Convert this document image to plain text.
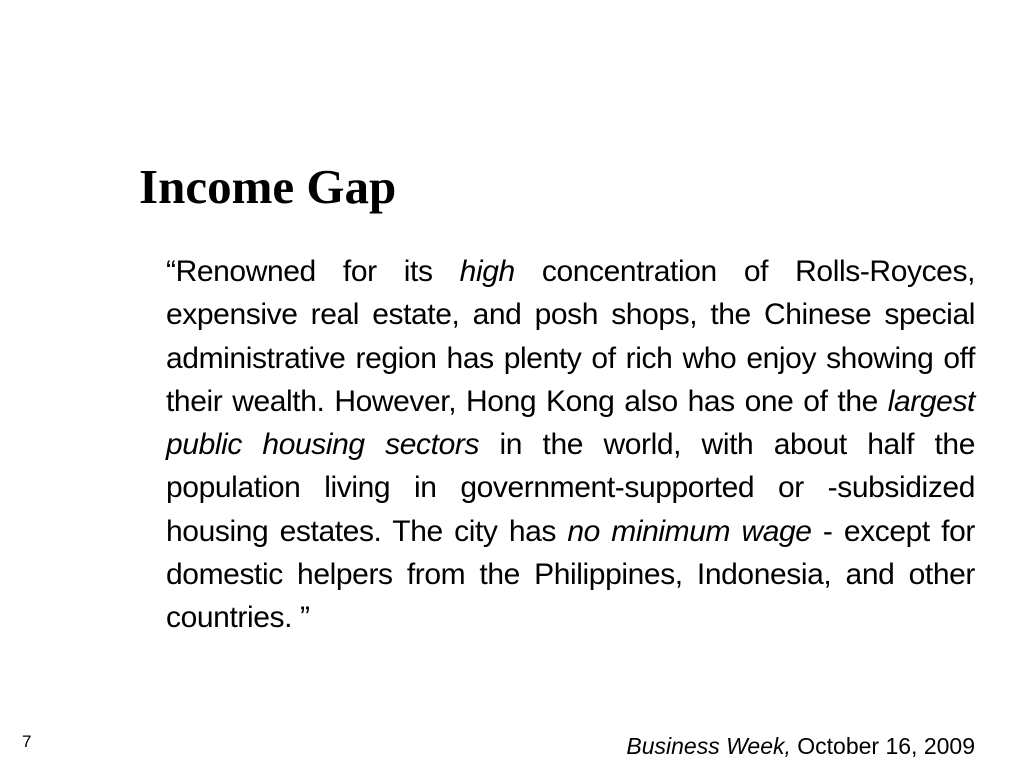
Income Gap

“Renowned for its high concentration of Rolls-Royces, expensive real estate, and posh shops, the Chinese special administrative region has plenty of rich who enjoy showing off their wealth. However, Hong Kong also has one of the largest public housing sectors in the world, with about half the population living in government-supported or -subsidized housing estates. The city has no minimum wage - except for domestic helpers from the Philippines, Indonesia, and other countries. ”

Business Week, October 16, 2009

7
